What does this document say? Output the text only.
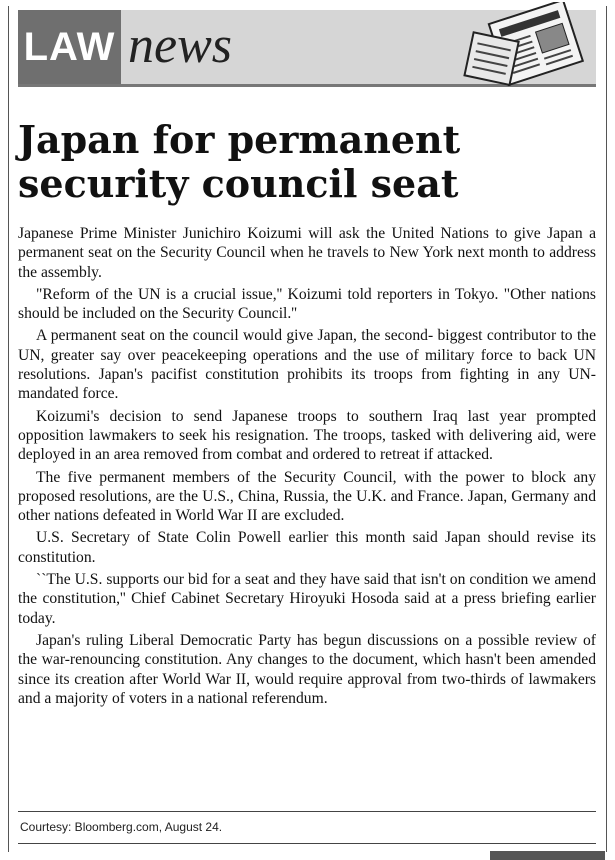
LAW news
Japan for permanent security council seat

Japanese Prime Minister Junichiro Koizumi will ask the United Nations to give Japan a permanent seat on the Security Council when he travels to New York next month to address the assembly.

"Reform of the UN is a crucial issue,'' Koizumi told reporters in Tokyo. "Other nations should be included on the Security Council.''

A permanent seat on the council would give Japan, the second- biggest contributor to the UN, greater say over peacekeeping operations and the use of military force to back UN resolutions. Japan's pacifist constitution prohibits its troops from fighting in any UN-mandated force.

Koizumi's decision to send Japanese troops to southern Iraq last year prompted opposition lawmakers to seek his resignation. The troops, tasked with delivering aid, were deployed in an area removed from combat and ordered to retreat if attacked.

The five permanent members of the Security Council, with the power to block any proposed resolutions, are the U.S., China, Russia, the U.K. and France. Japan, Germany and other nations defeated in World War II are excluded.

U.S. Secretary of State Colin Powell earlier this month said Japan should revise its constitution.

``The U.S. supports our bid for a seat and they have said that isn't on condition we amend the constitution,'' Chief Cabinet Secretary Hiroyuki Hosoda said at a press briefing earlier today.

Japan's ruling Liberal Democratic Party has begun discussions on a possible review of the war-renouncing constitution. Any changes to the document, which hasn't been amended since its creation after World War II, would require approval from two-thirds of lawmakers and a majority of voters in a national referendum.

Courtesy: Bloomberg.com, August 24.
